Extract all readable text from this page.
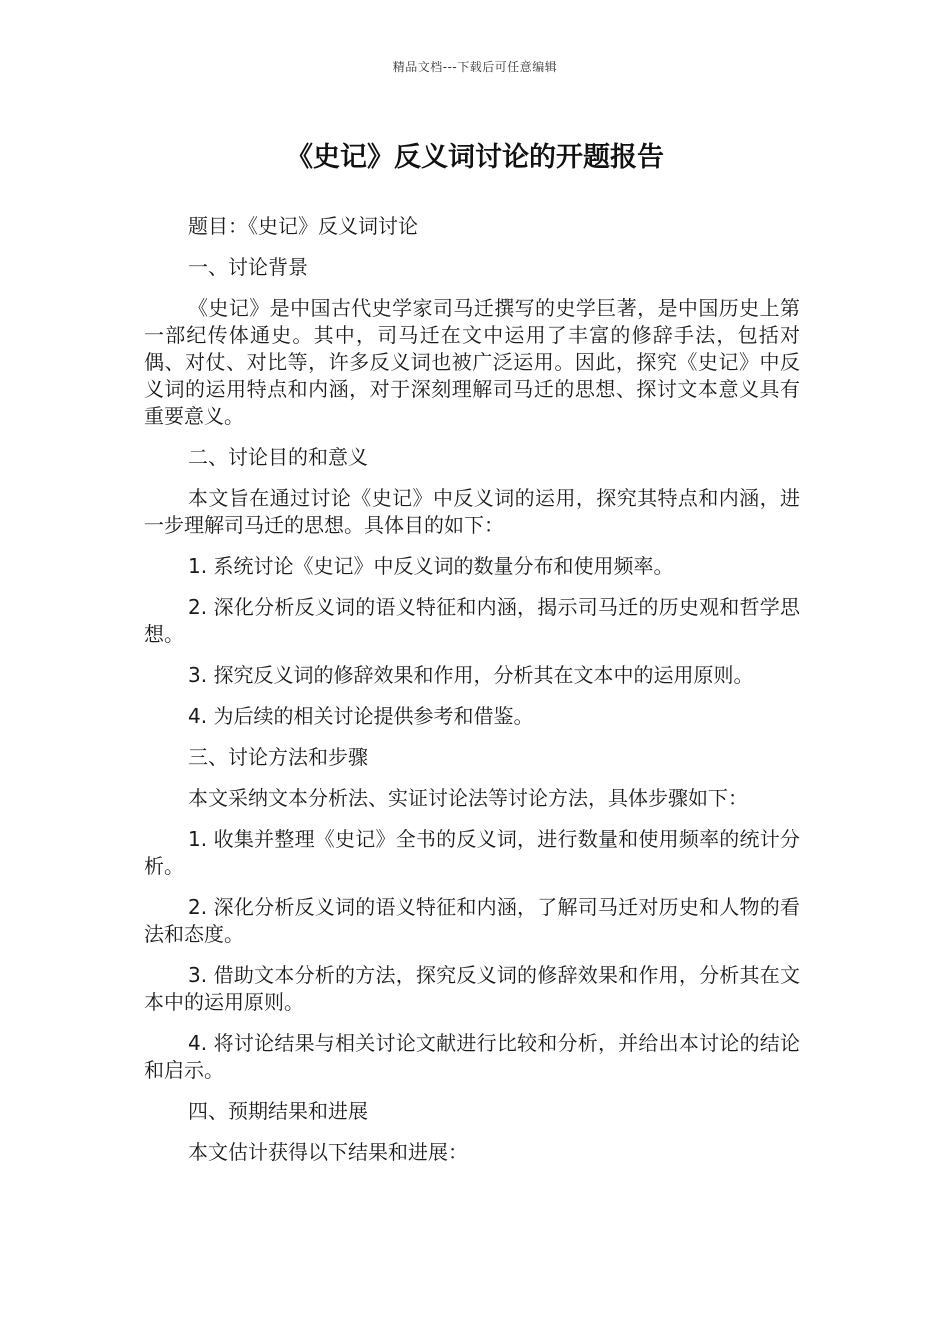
精品文档---下载后可任意编辑
《史记》反义词讨论的开题报告

题目：《史记》反义词讨论

一、讨论背景

《史记》是中国古代史学家司马迁撰写的史学巨著，是中国历史上第一部纪传体通史。其中，司马迁在文中运用了丰富的修辞手法，包括对偶、对仗、对比等，许多反义词也被广泛运用。因此，探究《史记》中反义词的运用特点和内涵，对于深刻理解司马迁的思想、探讨文本意义具有重要意义。

二、讨论目的和意义

本文旨在通过讨论《史记》中反义词的运用，探究其特点和内涵，进一步理解司马迁的思想。具体目的如下：

1. 系统讨论《史记》中反义词的数量分布和使用频率。

2. 深化分析反义词的语义特征和内涵，揭示司马迁的历史观和哲学思想。

3. 探究反义词的修辞效果和作用，分析其在文本中的运用原则。

4. 为后续的相关讨论提供参考和借鉴。

三、讨论方法和步骤

本文采纳文本分析法、实证讨论法等讨论方法，具体步骤如下：

1. 收集并整理《史记》全书的反义词，进行数量和使用频率的统计分析。

2. 深化分析反义词的语义特征和内涵，了解司马迁对历史和人物的看法和态度。

3. 借助文本分析的方法，探究反义词的修辞效果和作用，分析其在文本中的运用原则。

4. 将讨论结果与相关讨论文献进行比较和分析，并给出本讨论的结论和启示。

四、预期结果和进展

本文估计获得以下结果和进展：
